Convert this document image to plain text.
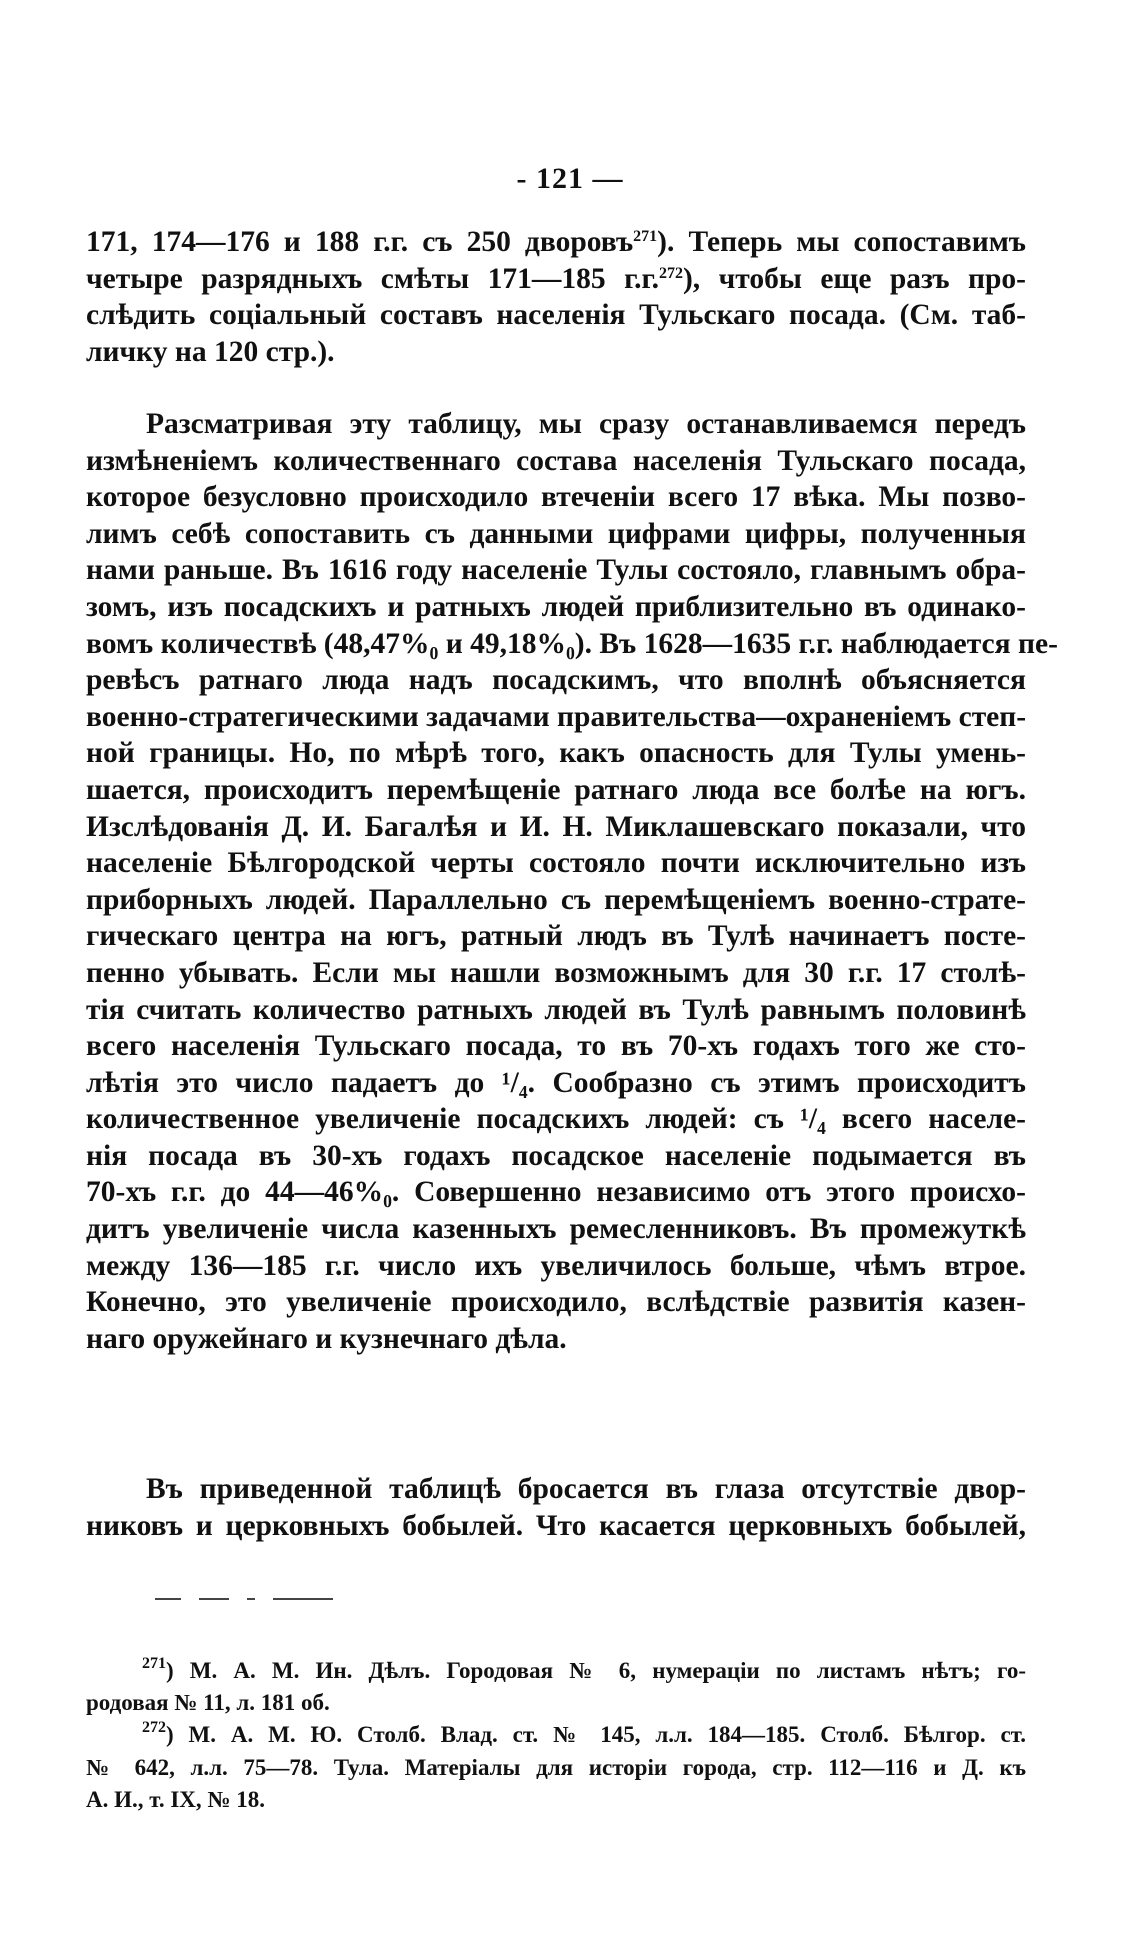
- 121 —
171, 174—176 и 188 г.г. съ 250 дворовъ$^{271}$). Теперь мы сопоставимъ
четыре разрядныхъ смѣты 171—185 г.г.$^{272}$), чтобы еще разъ про-
слѣдить соціальный составъ населенія Тульскаго посада. (См. таб-
личку на 120 стр.).
Разсматривая эту таблицу, мы сразу останавливаемся передъ
измѣненіемъ количественнаго состава населенія Тульскаго посада,
которое безусловно происходило втеченіи всего 17 вѣка. Мы позво-
лимъ себѣ сопоставить съ данными цифрами цифры, полученныя
нами раньше. Въ 1616 году населеніе Тулы состояло, главнымъ обра-
зомъ, изъ посадскихъ и ратныхъ людей приблизительно въ одинако-
вомъ количествѣ (48,47%₀ и 49,18%₀). Въ 1628—1635 г.г. наблюдается пе-
ревѣсъ ратнаго люда надъ посадскимъ, что вполнѣ объясняется
военно-стратегическими задачами правительства—охраненіемъ степ-
ной границы. Но, по мѣрѣ того, какъ опасность для Тулы умень-
шается, происходитъ перемѣщеніе ратнаго люда все болѣе на югъ.
Изслѣдованія Д. И. Багалѣя и И. Н. Миклашевскаго показали, что
населеніе Бѣлгородской черты состояло почти исключительно изъ
приборныхъ людей. Параллельно съ перемѣщеніемъ военно-страте-
гическаго центра на югъ, ратный людъ въ Тулѣ начинаетъ посте-
пенно убывать. Если мы нашли возможнымъ для 30 г.г. 17 столѣ-
тія считать количество ратныхъ людей въ Тулѣ равнымъ половинѣ
всего населенія Тульскаго посада, то въ 70-хъ годахъ того же сто-
лѣтія это число падаетъ до ¹/₄. Сообразно съ этимъ происходитъ
количественное увеличеніе посадскихъ людей: съ ¹/₄ всего населе-
нія посада въ 30-хъ годахъ посадское населеніе подымается въ
70-хъ г.г. до 44—46%₀. Совершенно независимо отъ этого происхо-
дитъ увеличеніе числа казенныхъ ремесленниковъ. Въ промежуткѣ
между 136—185 г.г. число ихъ увеличилось больше, чѣмъ втрое.
Конечно, это увеличеніе происходило, вслѣдствіе развитія казен-
наго оружейнаго и кузнечнаго дѣла.
Въ приведенной таблицѣ бросается въ глаза отсутствіе двор-
никовъ и церковныхъ бобылей. Что касается церковныхъ бобылей,
$^{271}$) М. А. М. Ин. Дѣлъ. Городовая № 6, нумераціи по листамъ нѣтъ; го-
родовая № 11, л. 181 об.
$^{272}$) М. А. М. Ю. Столб. Влад. ст. № 145, л.л. 184—185. Столб. Бѣлгор. ст.
№ 642, л.л. 75—78. Тула. Матеріалы для исторіи города, стр. 112—116 и Д. къ
А. И., т. IX, № 18.
